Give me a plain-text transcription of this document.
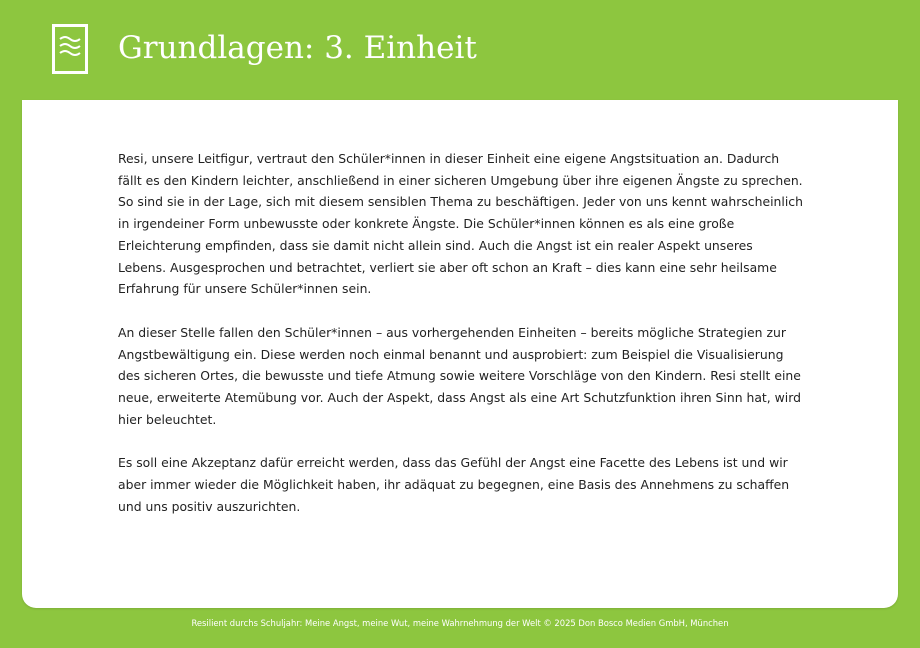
Grundlagen: 3. Einheit

Resi, unsere Leitfigur, vertraut den Schüler*innen in dieser Einheit eine eigene Angstsituation an. Dadurch fällt es den Kindern leichter, anschließend in einer sicheren Umgebung über ihre eigenen Ängste zu sprechen. So sind sie in der Lage, sich mit diesem sensiblen Thema zu beschäftigen. Jeder von uns kennt wahrscheinlich in irgendeiner Form unbewusste oder konkrete Ängste. Die Schüler*innen können es als eine große Erleichterung empfinden, dass sie damit nicht allein sind. Auch die Angst ist ein realer Aspekt unseres Lebens. Ausgesprochen und betrachtet, verliert sie aber oft schon an Kraft – dies kann eine sehr heilsame Erfahrung für unsere Schüler*innen sein.

An dieser Stelle fallen den Schüler*innen – aus vorhergehenden Einheiten – bereits mögliche Strategien zur Angstbewältigung ein. Diese werden noch einmal benannt und ausprobiert: zum Beispiel die Visualisierung des sicheren Ortes, die bewusste und tiefe Atmung sowie weitere Vorschläge von den Kindern. Resi stellt eine neue, erweiterte Atemübung vor. Auch der Aspekt, dass Angst als eine Art Schutzfunktion ihren Sinn hat, wird hier beleuchtet.

Es soll eine Akzeptanz dafür erreicht werden, dass das Gefühl der Angst eine Facette des Lebens ist und wir aber immer wieder die Möglichkeit haben, ihr adäquat zu begegnen, eine Basis des Annehmens zu schaffen und uns positiv auszurichten.

Resilient durchs Schuljahr: Meine Angst, meine Wut, meine Wahrnehmung der Welt © 2025 Don Bosco Medien GmbH, München
